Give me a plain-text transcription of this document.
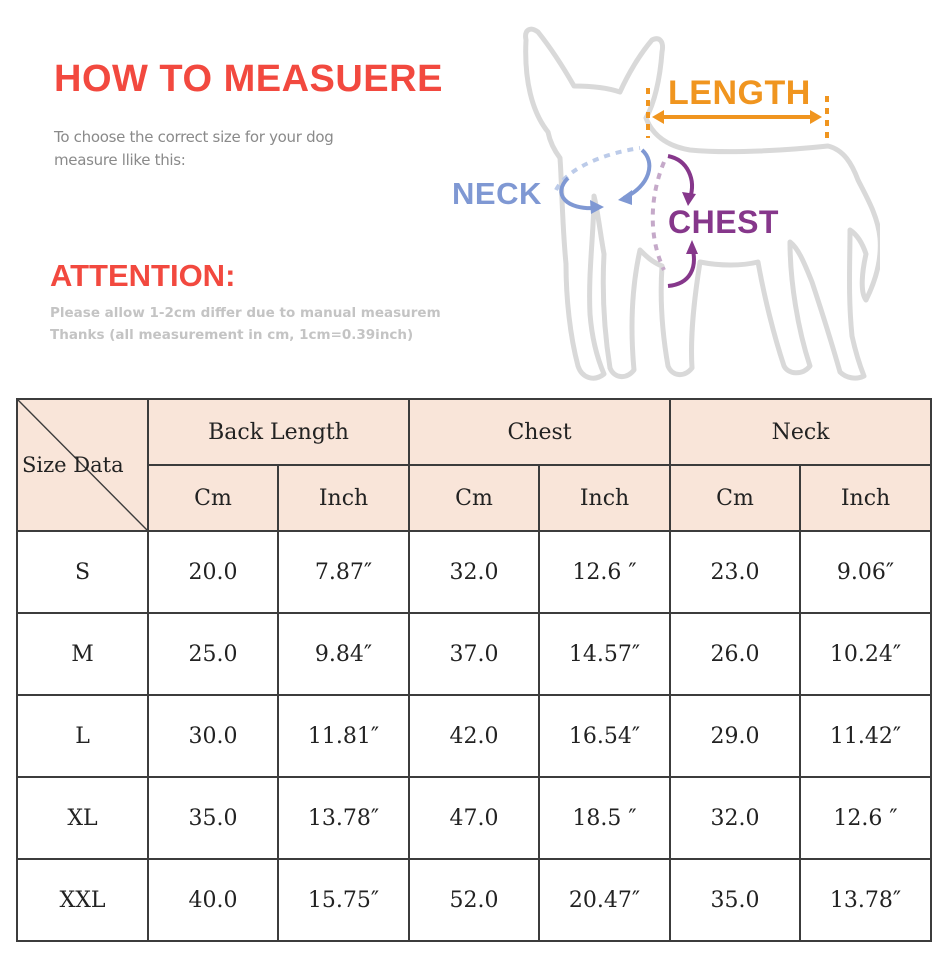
HOW TO MEASUERE
To choose the correct size for your dog
measure llike this:
ATTENTION:
Please allow 1-2cm differ due to manual measurem
Thanks (all measurement in cm, 1cm=0.39inch)
LENGTH
NECK
CHEST
Size Data	Back Length		Chest		Neck	
	Cm	Inch	Cm	Inch	Cm	Inch
S	20.0	7.87″	32.0	12.6 ″	23.0	9.06″
M	25.0	9.84″	37.0	14.57″	26.0	10.24″
L	30.0	11.81″	42.0	16.54″	29.0	11.42″
XL	35.0	13.78″	47.0	18.5 ″	32.0	12.6 ″
XXL	40.0	15.75″	52.0	20.47″	35.0	13.78″
